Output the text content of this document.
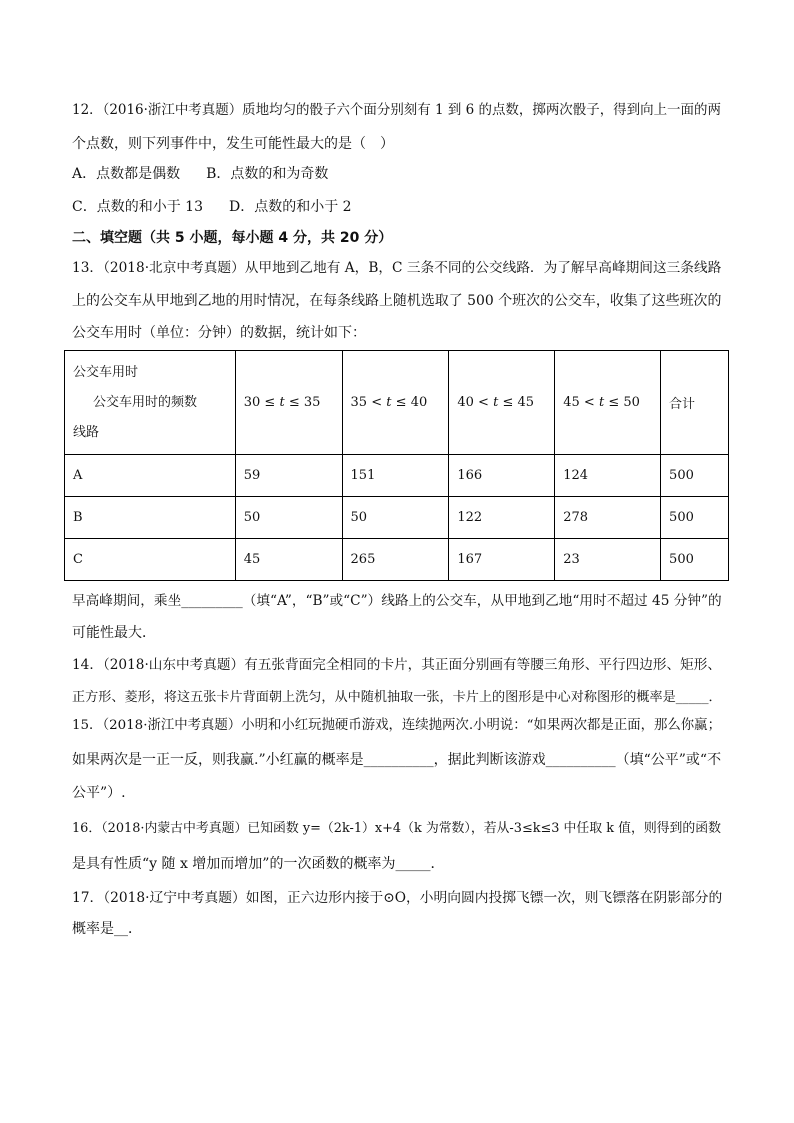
12．（2016·浙江中考真题）质地均匀的骰子六个面分别刻有 1 到 6 的点数，掷两次骰子，得到向上一面的两
个点数，则下列事件中，发生可能性最大的是（　）
A．点数都是偶数 B．点数的和为奇数
C．点数的和小于 13 D．点数的和小于 2
二、填空题（共 5 小题，每小题 4 分，共 20 分）
13．（2018·北京中考真题）从甲地到乙地有 A，B，C 三条不同的公交线路．为了解早高峰期间这三条线路
上的公交车从甲地到乙地的用时情况，在每条线路上随机选取了 500 个班次的公交车，收集了这些班次的
公交车用时（单位：分钟）的数据，统计如下：
公交车用时
公交车用时的频数
线路	30 ≤ t ≤ 35	35 < t ≤ 40	40 < t ≤ 45	45 < t ≤ 50	合计
A	59	151	166	124	500
B	50	50	122	278	500
C	45	265	167	23	500
早高峰期间，乘坐_________（填“A”，“B”或“C”）线路上的公交车，从甲地到乙地“用时不超过 45 分钟”的
可能性最大．
14．（2018·山东中考真题）有五张背面完全相同的卡片，其正面分别画有等腰三角形、平行四边形、矩形、
正方形、菱形，将这五张卡片背面朝上洗匀，从中随机抽取一张，卡片上的图形是中心对称图形的概率是_____．
15．（2018·浙江中考真题）小明和小红玩抛硬币游戏，连续抛两次.小明说：“如果两次都是正面，那么你赢；
如果两次是一正一反，则我赢.”小红赢的概率是__________，据此判断该游戏__________（填“公平”或“不
公平”）.
16．（2018·内蒙古中考真题）已知函数 y=（2k-1）x+4（k 为常数），若从-3≤k≤3 中任取 k 值，则得到的函数
是具有性质“y 随 x 增加而增加”的一次函数的概率为_____．
17．（2018·辽宁中考真题）如图，正六边形内接于⊙O，小明向圆内投掷飞镖一次，则飞镖落在阴影部分的
概率是__．
